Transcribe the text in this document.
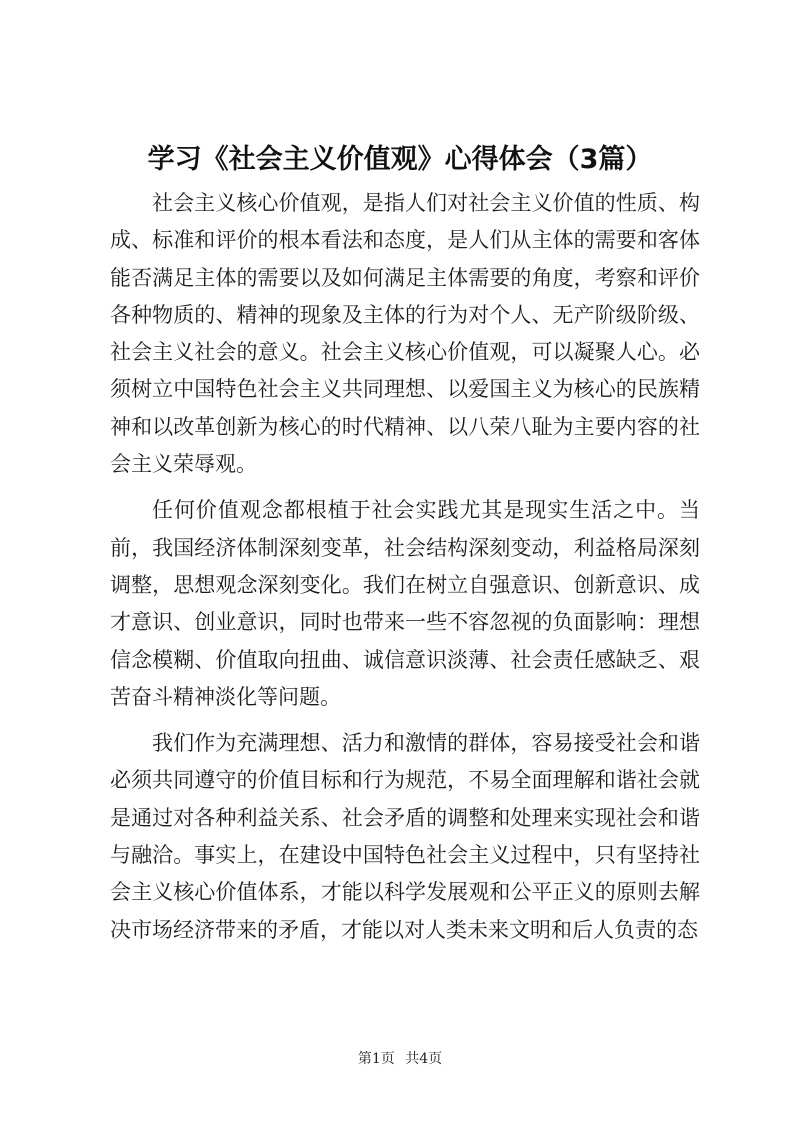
学习《社会主义价值观》心得体会（3篇）

社会主义核心价值观，是指人们对社会主义价值的性质、构成、标准和评价的根本看法和态度，是人们从主体的需要和客体能否满足主体的需要以及如何满足主体需要的角度，考察和评价各种物质的、精神的现象及主体的行为对个人、无产阶级阶级、社会主义社会的意义。社会主义核心价值观，可以凝聚人心。必须树立中国特色社会主义共同理想、以爱国主义为核心的民族精神和以改革创新为核心的时代精神、以八荣八耻为主要内容的社会主义荣辱观。

任何价值观念都根植于社会实践尤其是现实生活之中。当前，我国经济体制深刻变革，社会结构深刻变动，利益格局深刻调整，思想观念深刻变化。我们在树立自强意识、创新意识、成才意识、创业意识，同时也带来一些不容忽视的负面影响：理想信念模糊、价值取向扭曲、诚信意识淡薄、社会责任感缺乏、艰苦奋斗精神淡化等问题。

我们作为充满理想、活力和激情的群体，容易接受社会和谐必须共同遵守的价值目标和行为规范，不易全面理解和谐社会就是通过对各种利益关系、社会矛盾的调整和处理来实现社会和谐与融洽。事实上，在建设中国特色社会主义过程中，只有坚持社会主义核心价值体系，才能以科学发展观和公平正义的原则去解决市场经济带来的矛盾，才能以对人类未来文明和后人负责的态

第1页 共4页
